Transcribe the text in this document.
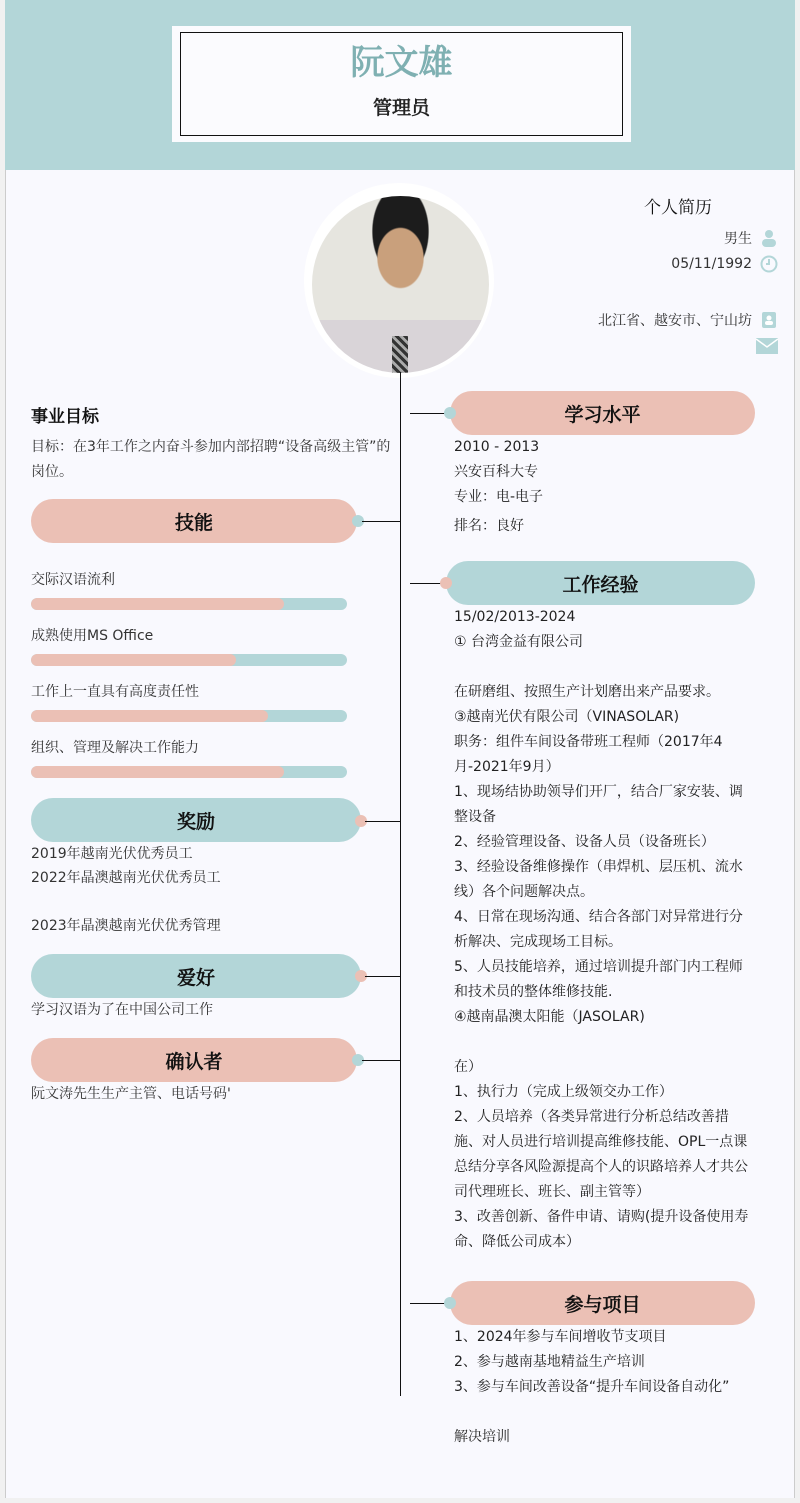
阮文雄
管理员
个人简历
男生
05/11/1992
北江省、越安市、宁山坊
事业目标
目标：在3年工作之内奋斗参加内部招聘“设备高级主管”的岗位。
技能
交际汉语流利
成熟使用MS Office
工作上一直具有高度责任性
组织、管理及解决工作能力
奖励
2019年越南光伏优秀员工
2022年晶澳越南光伏优秀员工
2023年晶澳越南光伏优秀管理
爱好
学习汉语为了在中国公司工作
确认者
阮文涛先生生产主管、电话号码'
学习水平
2010 - 2013
兴安百科大专
专业：电-电子
排名：良好
工作经验
15/02/2013-2024
① 台湾金益有限公司
在研磨组、按照生产计划磨出来产品要求。
③越南光伏有限公司（VINASOLAR)
职务：组件车间设备带班工程师（2017年4月-2021年9月）
1、现场结协助领导们开厂，结合厂家安装、调整设备
2、经验管理设备、设备人员（设备班长）
3、经验设备维修操作（串焊机、层压机、流水线）各个问题解决点。
4、日常在现场沟通、结合各部门对异常进行分析解决、完成现场工目标。
5、人员技能培养，通过培训提升部门内工程师和技术员的整体维修技能.
④越南晶澳太阳能（JASOLAR)
在）
1、执行力（完成上级领交办工作）
2、人员培养（各类异常进行分析总结改善措施、对人员进行培训提高维修技能、OPL一点课总结分享各风险源提高个人的识路培养人才共公司代理班长、班长、副主管等）
3、改善创新、备件申请、请购(提升设备使用寿命、降低公司成本）
参与项目
1、2024年参与车间增收节支项目
2、参与越南基地精益生产培训
3、参与车间改善设备“提升车间设备自动化”
解决培训
